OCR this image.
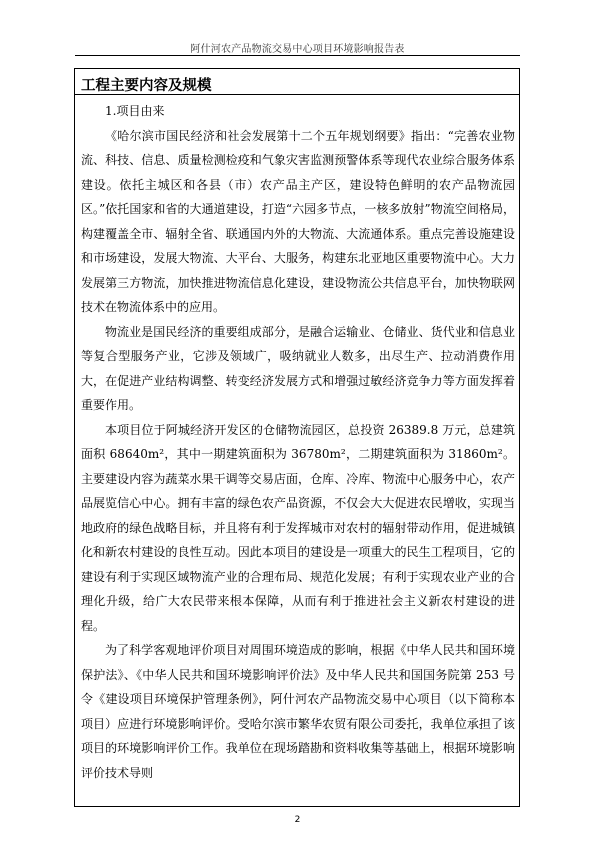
阿什河农产品物流交易中心项目环境影响报告表
工程主要内容及规模

1.项目由来

《哈尔滨市国民经济和社会发展第十二个五年规划纲要》指出：“完善农业物流、科技、信息、质量检测检疫和气象灾害监测预警体系等现代农业综合服务体系建设。依托主城区和各县（市）农产品主产区，建设特色鲜明的农产品物流园区。”依托国家和省的大通道建设，打造“六园多节点，一核多放射”物流空间格局，构建覆盖全市、辐射全省、联通国内外的大物流、大流通体系。重点完善设施建设和市场建设，发展大物流、大平台、大服务，构建东北亚地区重要物流中心。大力发展第三方物流，加快推进物流信息化建设，建设物流公共信息平台，加快物联网技术在物流体系中的应用。

物流业是国民经济的重要组成部分，是融合运输业、仓储业、货代业和信息业等复合型服务产业，它涉及领域广，吸纳就业人数多，出尽生产、拉动消费作用大，在促进产业结构调整、转变经济发展方式和增强过敏经济竞争力等方面发挥着重要作用。

本项目位于阿城经济开发区的仓储物流园区，总投资 26389.8 万元，总建筑面积 68640m²，其中一期建筑面积为 36780m²，二期建筑面积为 31860m²。主要建设内容为蔬菜水果干调等交易店面，仓库、冷库、物流中心服务中心，农产品展览信心中心。拥有丰富的绿色农产品资源，不仅会大大促进农民增收，实现当地政府的绿色战略目标，并且将有利于发挥城市对农村的辐射带动作用，促进城镇化和新农村建设的良性互动。因此本项目的建设是一项重大的民生工程项目，它的建设有利于实现区域物流产业的合理布局、规范化发展；有利于实现农业产业的合理化升级，给广大农民带来根本保障，从而有利于推进社会主义新农村建设的进程。

为了科学客观地评价项目对周围环境造成的影响，根据《中华人民共和国环境保护法》、《中华人民共和国环境影响评价法》及中华人民共和国国务院第 253 号令《建设项目环境保护管理条例》，阿什河农产品物流交易中心项目（以下简称本项目）应进行环境影响评价。受哈尔滨市繁华农贸有限公司委托，我单位承担了该项目的环境影响评价工作。我单位在现场踏勘和资料收集等基础上，根据环境影响评价技术导则

2
